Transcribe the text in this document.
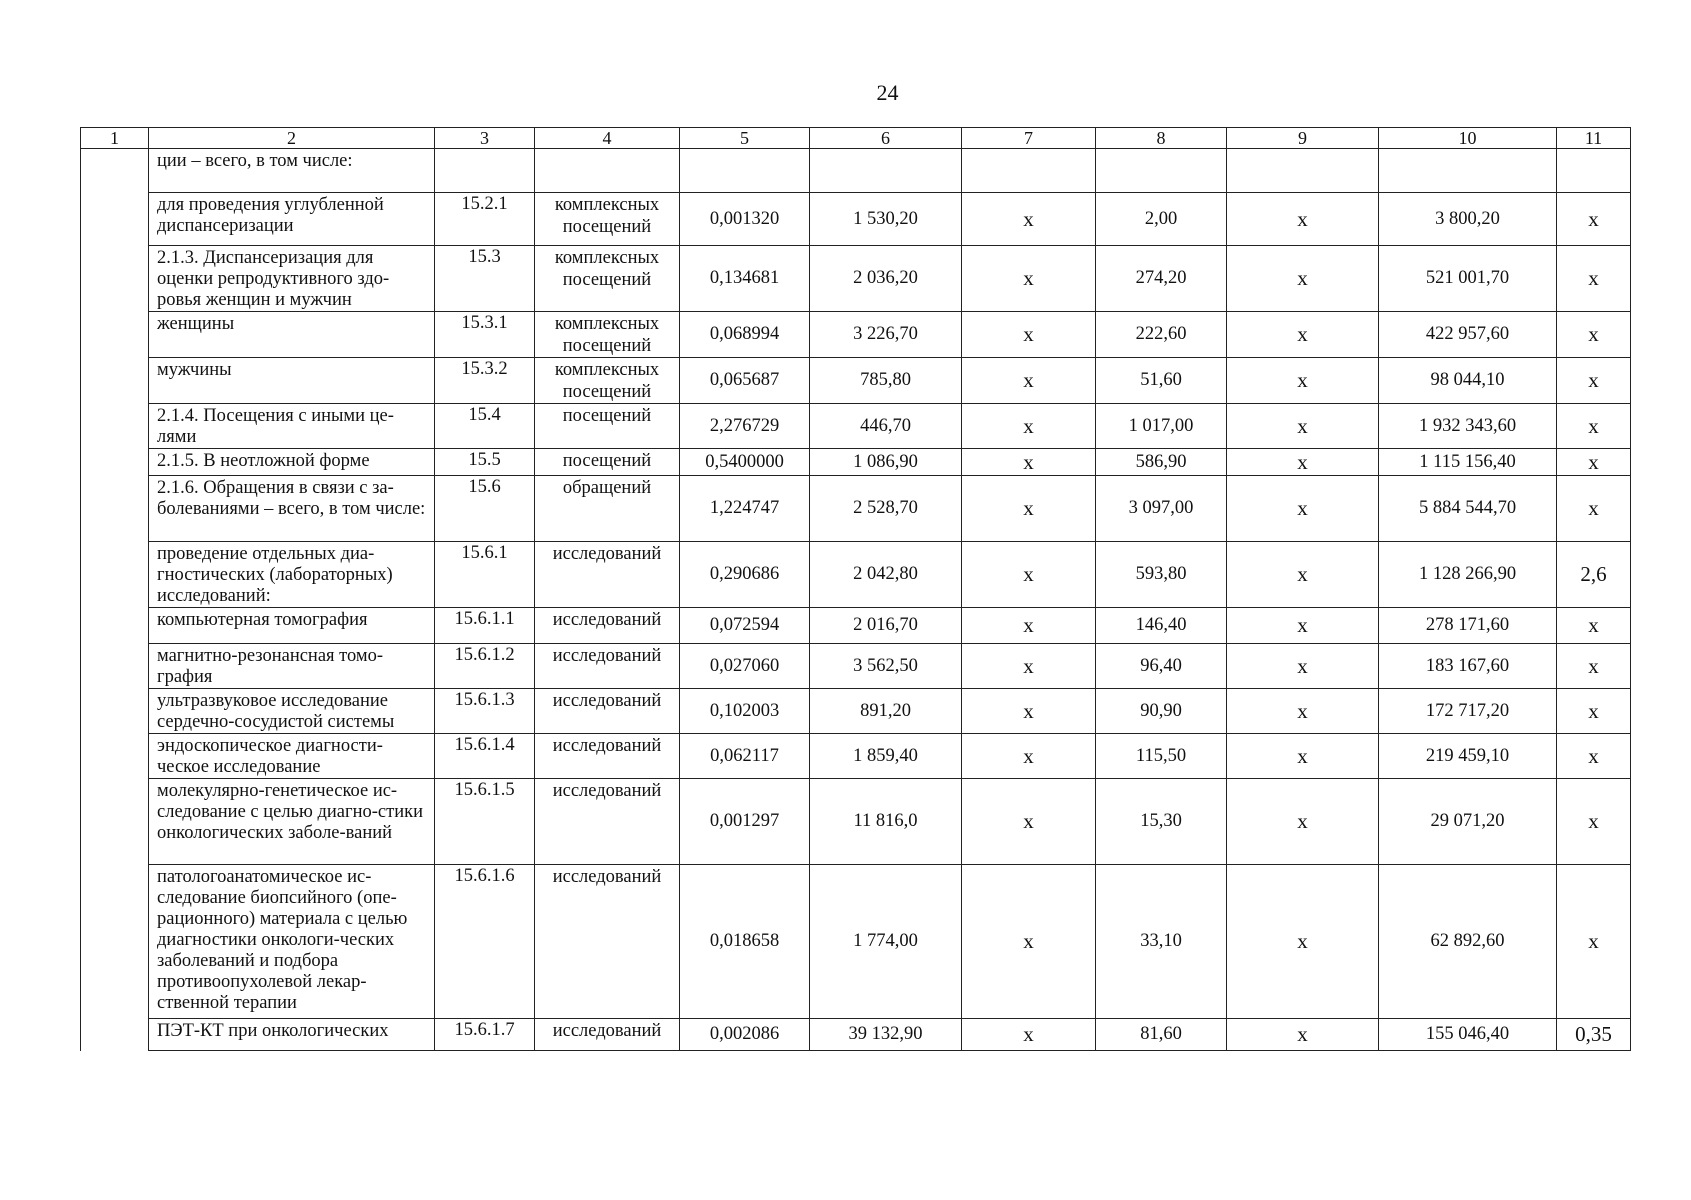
24
1	2	3	4	5	6	7	8	9	10	11
	ции – всего, в том числе:									
	для проведения углубленной диспансеризации	15.2.1	комплексных посещений	0,001320	1 530,20	x	2,00	x	3 800,20	x
	2.1.3. Диспансеризация для оценки репродуктивного здо-ровья женщин и мужчин	15.3	комплексных посещений	0,134681	2 036,20	x	274,20	x	521 001,70	x
	женщины	15.3.1	комплексных посещений	0,068994	3 226,70	x	222,60	x	422 957,60	x
	мужчины	15.3.2	комплексных посещений	0,065687	785,80	x	51,60	x	98 044,10	x
	2.1.4. Посещения с иными це-лями	15.4	посещений	2,276729	446,70	x	1 017,00	x	1 932 343,60	x
	2.1.5. В неотложной форме	15.5	посещений	0,5400000	1 086,90	x	586,90	x	1 115 156,40	x
	2.1.6. Обращения в связи с за-болеваниями – всего, в том числе:	15.6	обращений	1,224747	2 528,70	x	3 097,00	x	5 884 544,70	x
	проведение отдельных диа-гностических (лабораторных) исследований:	15.6.1	исследований	0,290686	2 042,80	x	593,80	x	1 128 266,90	2,6
	компьютерная томография	15.6.1.1	исследований	0,072594	2 016,70	x	146,40	x	278 171,60	x
	магнитно-резонансная томо-графия	15.6.1.2	исследований	0,027060	3 562,50	x	96,40	x	183 167,60	x
	ультразвуковое исследование сердечно-сосудистой системы	15.6.1.3	исследований	0,102003	891,20	x	90,90	x	172 717,20	x
	эндоскопическое диагности-ческое исследование	15.6.1.4	исследований	0,062117	1 859,40	x	115,50	x	219 459,10	x
	молекулярно-генетическое ис-следование с целью диагно-стики онкологических заболе-ваний	15.6.1.5	исследований	0,001297	11 816,0	x	15,30	x	29 071,20	x
	патологоанатомическое ис-следование биопсийного (опе-рационного) материала с целью диагностики онкологи-ческих заболеваний и подбора противоопухолевой лекар-ственной терапии	15.6.1.6	исследований	0,018658	1 774,00	x	33,10	x	62 892,60	x
	ПЭТ-КТ при онкологических	15.6.1.7	исследований	0,002086	39 132,90	x	81,60	x	155 046,40	0,35
